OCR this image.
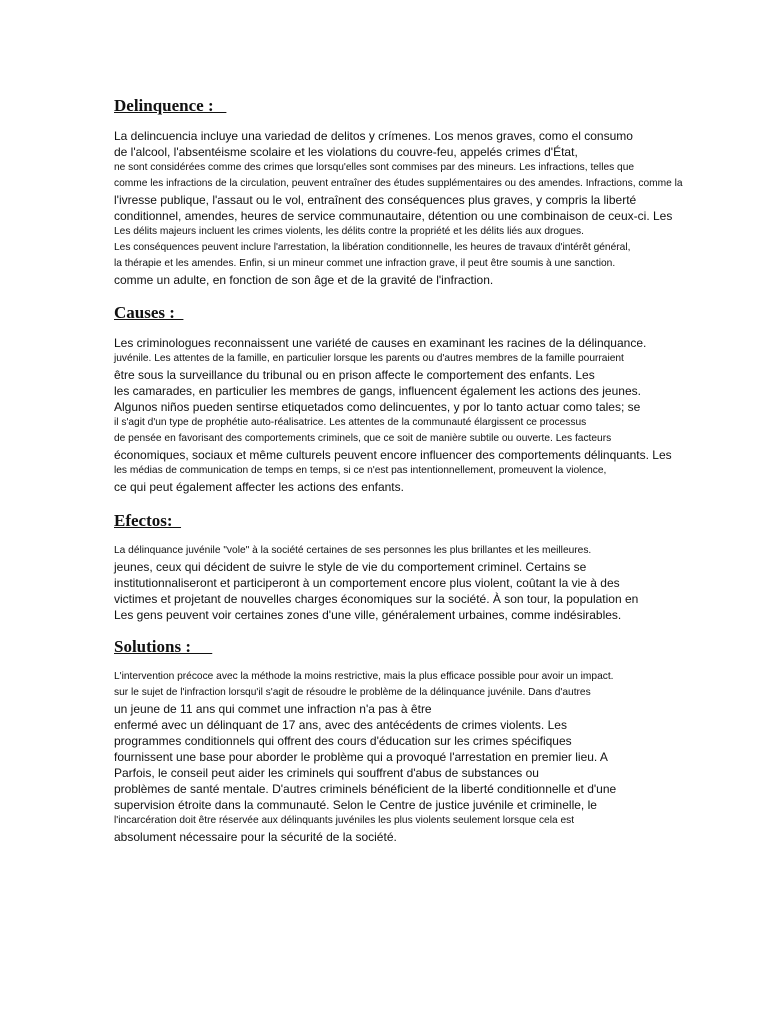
Delinquence :
La delincuencia incluye una variedad de delitos y crímenes. Los menos graves, como el consumo
de l'alcool, l'absentéisme scolaire et les violations du couvre-feu, appelés crimes d'État,
ne sont considérées comme des crimes que lorsqu'elles sont commises par des mineurs. Les infractions, telles que
comme les infractions de la circulation, peuvent entraîner des études supplémentaires ou des amendes. Infractions, comme la
l'ivresse publique, l'assaut ou le vol, entraînent des conséquences plus graves, y compris la liberté
conditionnel, amendes, heures de service communautaire, détention ou une combinaison de ceux-ci. Les
Les délits majeurs incluent les crimes violents, les délits contre la propriété et les délits liés aux drogues.
Les conséquences peuvent inclure l'arrestation, la libération conditionnelle, les heures de travaux d'intérêt général,
la thérapie et les amendes. Enfin, si un mineur commet une infraction grave, il peut être soumis à une sanction.
comme un adulte, en fonction de son âge et de la gravité de l'infraction.
Causes :
Les criminologues reconnaissent une variété de causes en examinant les racines de la délinquance.
juvénile. Les attentes de la famille, en particulier lorsque les parents ou d'autres membres de la famille pourraient
être sous la surveillance du tribunal ou en prison affecte le comportement des enfants. Les
les camarades, en particulier les membres de gangs, influencent également les actions des jeunes.
Algunos niños pueden sentirse etiquetados como delincuentes, y por lo tanto actuar como tales; se
il s'agit d'un type de prophétie auto-réalisatrice. Les attentes de la communauté élargissent ce processus
de pensée en favorisant des comportements criminels, que ce soit de manière subtile ou ouverte. Les facteurs
économiques, sociaux et même culturels peuvent encore influencer des comportements délinquants. Les
les médias de communication de temps en temps, si ce n'est pas intentionnellement, promeuvent la violence,
ce qui peut également affecter les actions des enfants.
Efectos:
La délinquance juvénile "vole" à la société certaines de ses personnes les plus brillantes et les meilleures.
jeunes, ceux qui décident de suivre le style de vie du comportement criminel. Certains se
institutionnaliseront et participeront à un comportement encore plus violent, coûtant la vie à des
victimes et projetant de nouvelles charges économiques sur la société. À son tour, la population en
Les gens peuvent voir certaines zones d'une ville, généralement urbaines, comme indésirables.
Solutions :
L'intervention précoce avec la méthode la moins restrictive, mais la plus efficace possible pour avoir un impact.
sur le sujet de l'infraction lorsqu'il s'agit de résoudre le problème de la délinquance juvénile. Dans d'autres
un jeune de 11 ans qui commet une infraction n'a pas à être
enfermé avec un délinquant de 17 ans, avec des antécédents de crimes violents. Les
programmes conditionnels qui offrent des cours d'éducation sur les crimes spécifiques
fournissent une base pour aborder le problème qui a provoqué l'arrestation en premier lieu. A
Parfois, le conseil peut aider les criminels qui souffrent d'abus de substances ou
problèmes de santé mentale. D'autres criminels bénéficient de la liberté conditionnelle et d'une
supervision étroite dans la communauté. Selon le Centre de justice juvénile et criminelle, le
l'incarcération doit être réservée aux délinquants juvéniles les plus violents seulement lorsque cela est
absolument nécessaire pour la sécurité de la société.
